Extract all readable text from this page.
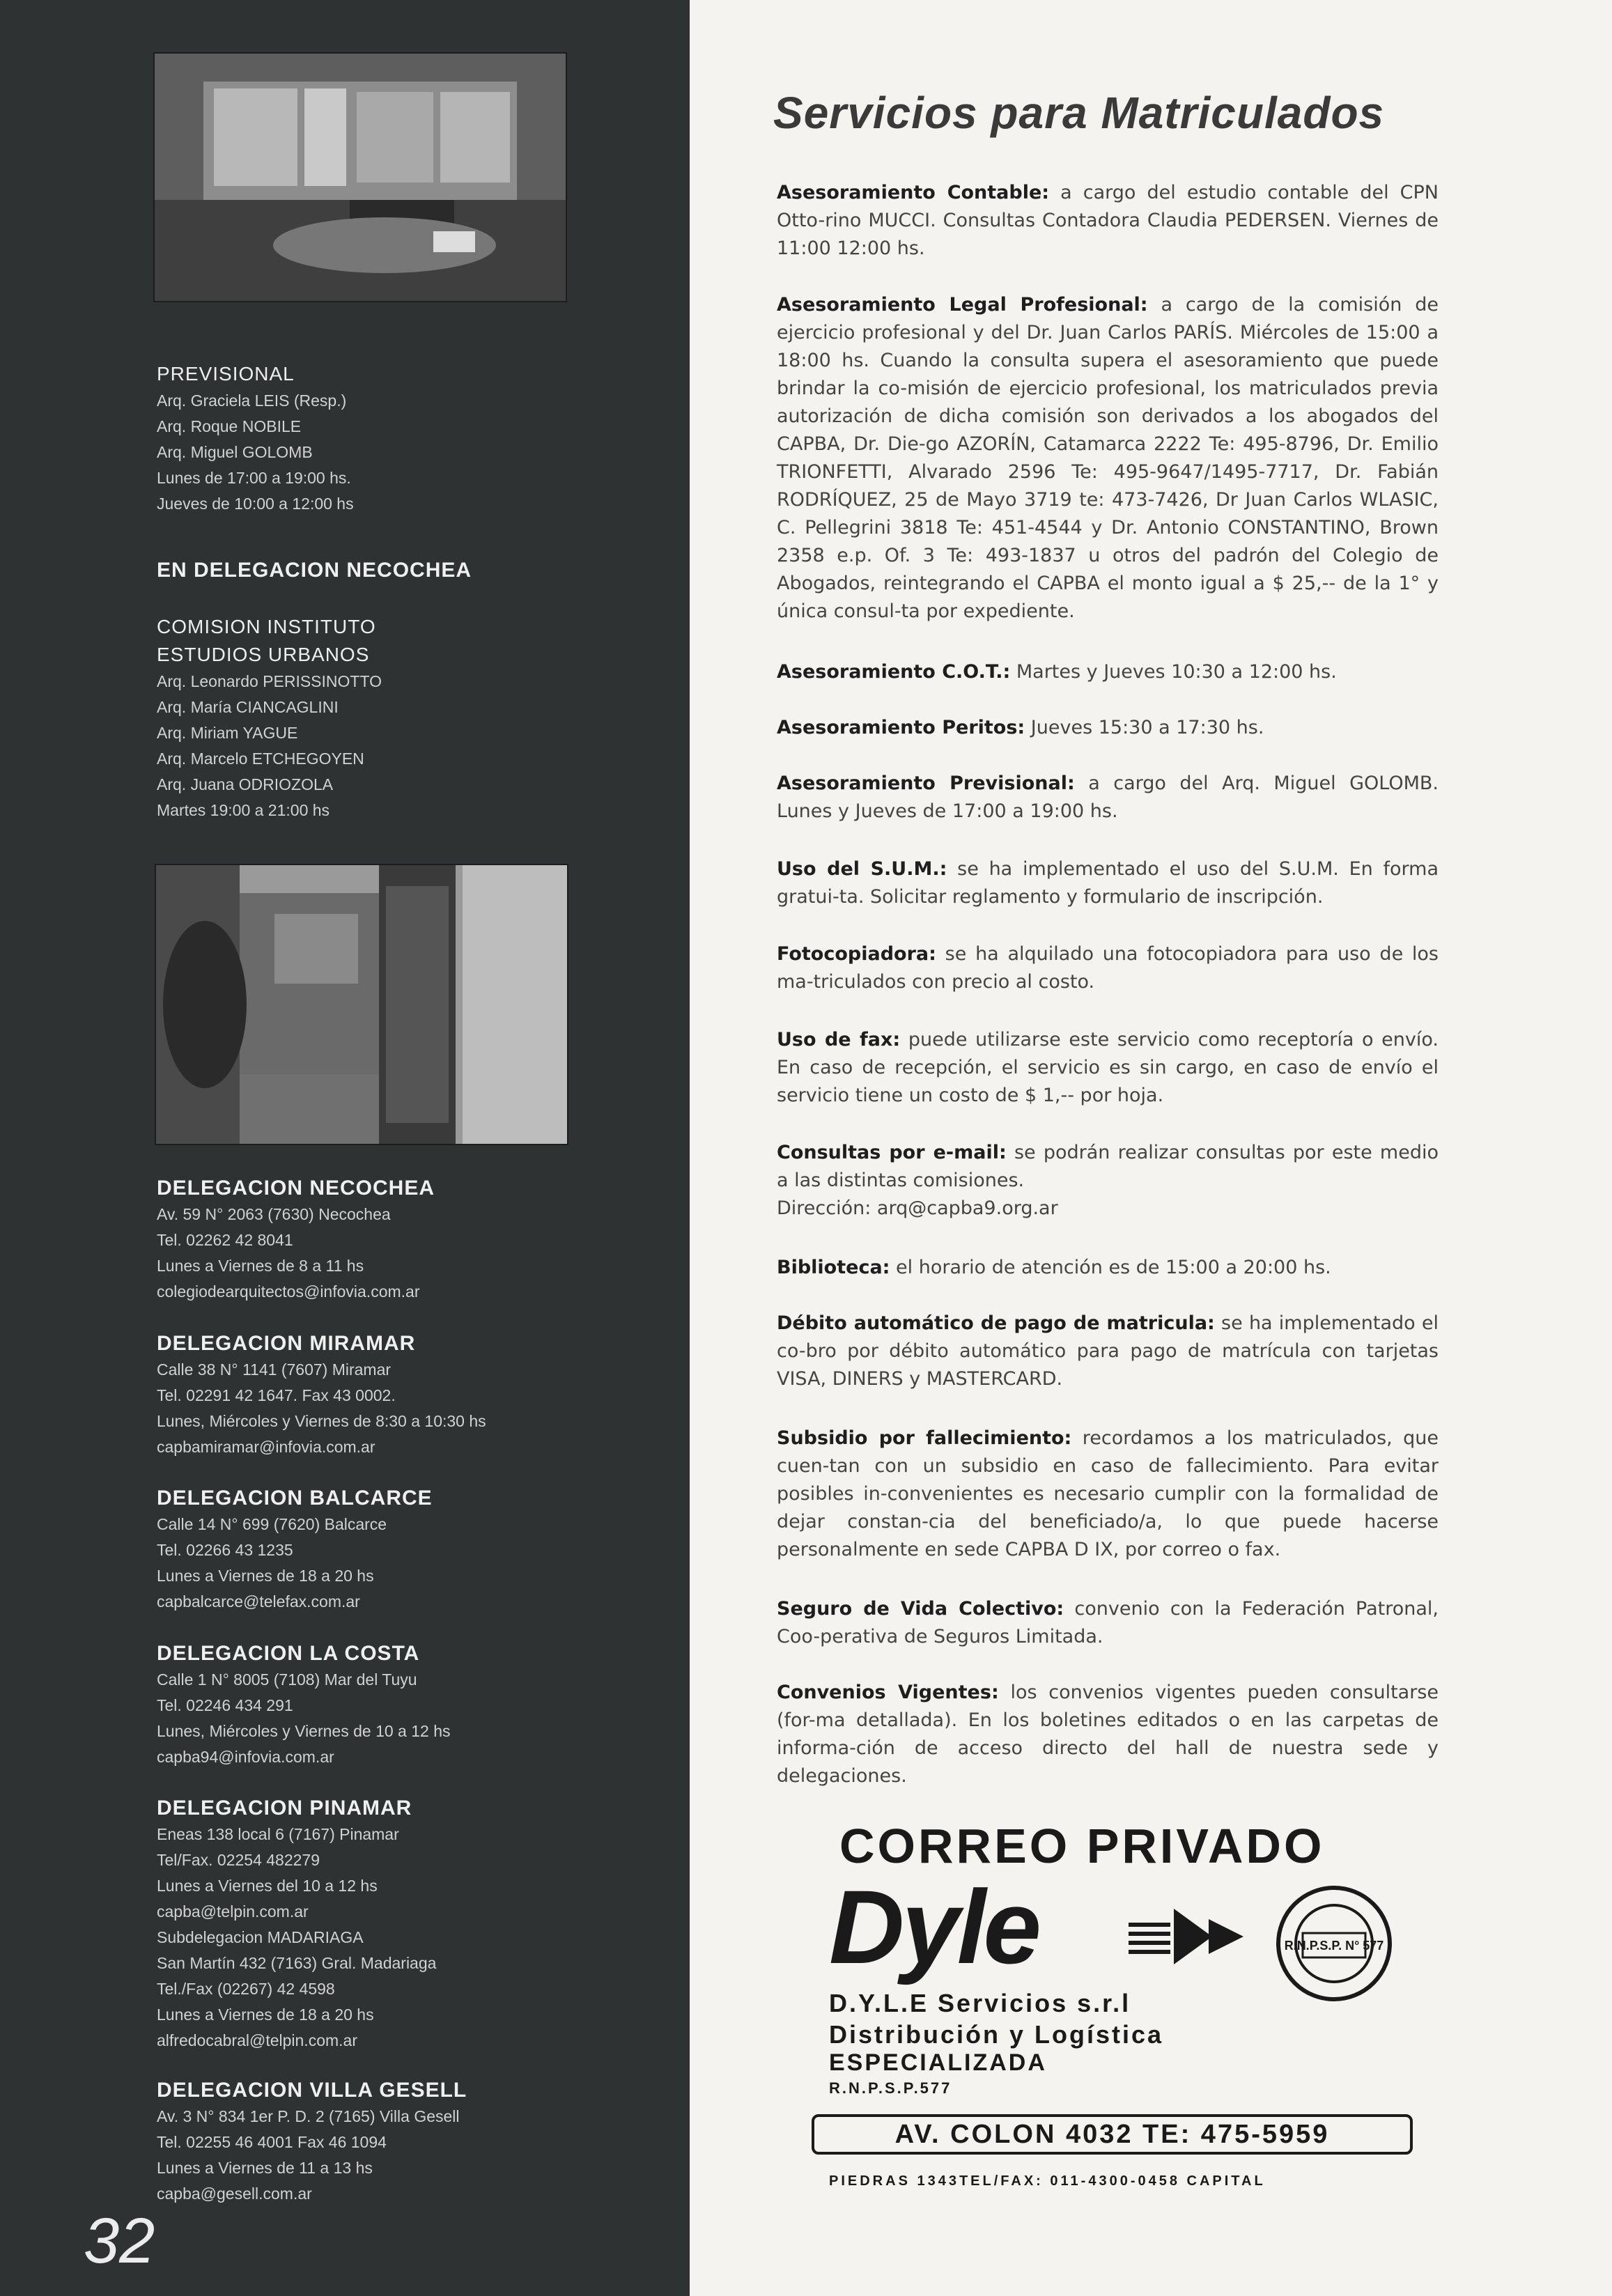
PREVISIONAL
Arq. Graciela LEIS (Resp.)
Arq. Roque NOBILE
Arq. Miguel GOLOMB
Lunes de 17:00 a 19:00 hs.
Jueves de 10:00 a 12:00 hs
EN DELEGACION NECOCHEA
COMISION INSTITUTO
ESTUDIOS URBANOS
Arq. Leonardo PERISSINOTTO
Arq. María CIANCAGLINI
Arq. Miriam YAGUE
Arq. Marcelo ETCHEGOYEN
Arq. Juana ODRIOZOLA
Martes 19:00 a 21:00 hs
DELEGACION NECOCHEA
Av. 59 N° 2063 (7630) Necochea
Tel. 02262 42 8041
Lunes a Viernes de 8 a 11 hs
colegiodearquitectos@infovia.com.ar
DELEGACION MIRAMAR
Calle 38 N° 1141 (7607) Miramar
Tel. 02291 42 1647. Fax 43 0002.
Lunes, Miércoles y Viernes de 8:30 a 10:30 hs
capbamiramar@infovia.com.ar
DELEGACION BALCARCE
Calle 14 N° 699 (7620) Balcarce
Tel. 02266 43 1235
Lunes a Viernes de 18 a 20 hs
capbalcarce@telefax.com.ar
DELEGACION LA COSTA
Calle 1 N° 8005 (7108) Mar del Tuyu
Tel. 02246 434 291
Lunes, Miércoles y Viernes de 10 a 12 hs
capba94@infovia.com.ar
DELEGACION PINAMAR
Eneas 138 local 6 (7167) Pinamar
Tel/Fax. 02254 482279
Lunes a Viernes del 10 a 12 hs
capba@telpin.com.ar
Subdelegacion MADARIAGA
San Martín 432 (7163) Gral. Madariaga
Tel./Fax (02267) 42 4598
Lunes a Viernes de 18 a 20 hs
alfredocabral@telpin.com.ar
DELEGACION VILLA GESELL
Av. 3 N° 834 1er P. D. 2 (7165) Villa Gesell
Tel. 02255 46 4001 Fax 46 1094
Lunes a Viernes de 11 a 13 hs
capba@gesell.com.ar
32
Servicios para Matriculados
Asesoramiento Contable: a cargo del estudio contable del CPN Otto-rino MUCCI. Consultas Contadora Claudia PEDERSEN. Viernes de 11:00 12:00 hs.
Asesoramiento Legal Profesional: a cargo de la comisión de ejercicio profesional y del Dr. Juan Carlos PARÍS. Miércoles de 15:00 a 18:00 hs. Cuando la consulta supera el asesoramiento que puede brindar la co-misión de ejercicio profesional, los matriculados previa autorización de dicha comisión son derivados a los abogados del CAPBA, Dr. Die-go AZORÍN, Catamarca 2222 Te: 495-8796, Dr. Emilio TRIONFETTI, Alvarado 2596 Te: 495-9647/1495-7717, Dr. Fabián RODRÍQUEZ, 25 de Mayo 3719 te: 473-7426, Dr Juan Carlos WLASIC, C. Pellegrini 3818 Te: 451-4544 y Dr. Antonio CONSTANTINO, Brown 2358 e.p. Of. 3 Te: 493-1837 u otros del padrón del Colegio de Abogados, reintegrando el CAPBA el monto igual a $ 25,-- de la 1° y única consul-ta por expediente.
Asesoramiento C.O.T.: Martes y Jueves 10:30 a 12:00 hs.
Asesoramiento Peritos: Jueves 15:30 a 17:30 hs.
Asesoramiento Previsional: a cargo del Arq. Miguel GOLOMB. Lunes y Jueves de 17:00 a 19:00 hs.
Uso del S.U.M.: se ha implementado el uso del S.U.M. En forma gratui-ta. Solicitar reglamento y formulario de inscripción.
Fotocopiadora: se ha alquilado una fotocopiadora para uso de los ma-triculados con precio al costo.
Uso de fax: puede utilizarse este servicio como receptoría o envío. En caso de recepción, el servicio es sin cargo, en caso de envío el servicio tiene un costo de $ 1,-- por hoja.
Consultas por e-mail: se podrán realizar consultas por este medio a las distintas comisiones.
Dirección: arq@capba9.org.ar
Biblioteca: el horario de atención es de 15:00 a 20:00 hs.
Débito automático de pago de matricula: se ha implementado el co-bro por débito automático para pago de matrícula con tarjetas VISA, DINERS y MASTERCARD.
Subsidio por fallecimiento: recordamos a los matriculados, que cuen-tan con un subsidio en caso de fallecimiento. Para evitar posibles in-convenientes es necesario cumplir con la formalidad de dejar constan-cia del beneficiado/a, lo que puede hacerse personalmente en sede CAPBA D IX, por correo o fax.
Seguro de Vida Colectivo: convenio con la Federación Patronal, Coo-perativa de Seguros Limitada.
Convenios Vigentes: los convenios vigentes pueden consultarse (for-ma detallada). En los boletines editados o en las carpetas de informa-ción de acceso directo del hall de nuestra sede y delegaciones.
CORREO PRIVADO
Dyle	R.N.P.S.P. N° 577
D.Y.L.E Servicios s.r.l
Distribución y Logística
ESPECIALIZADA
R.N.P.S.P.577
AV. COLON 4032 TE: 475-5959
PIEDRAS 1343TEL/FAX: 011-4300-0458 CAPITAL
